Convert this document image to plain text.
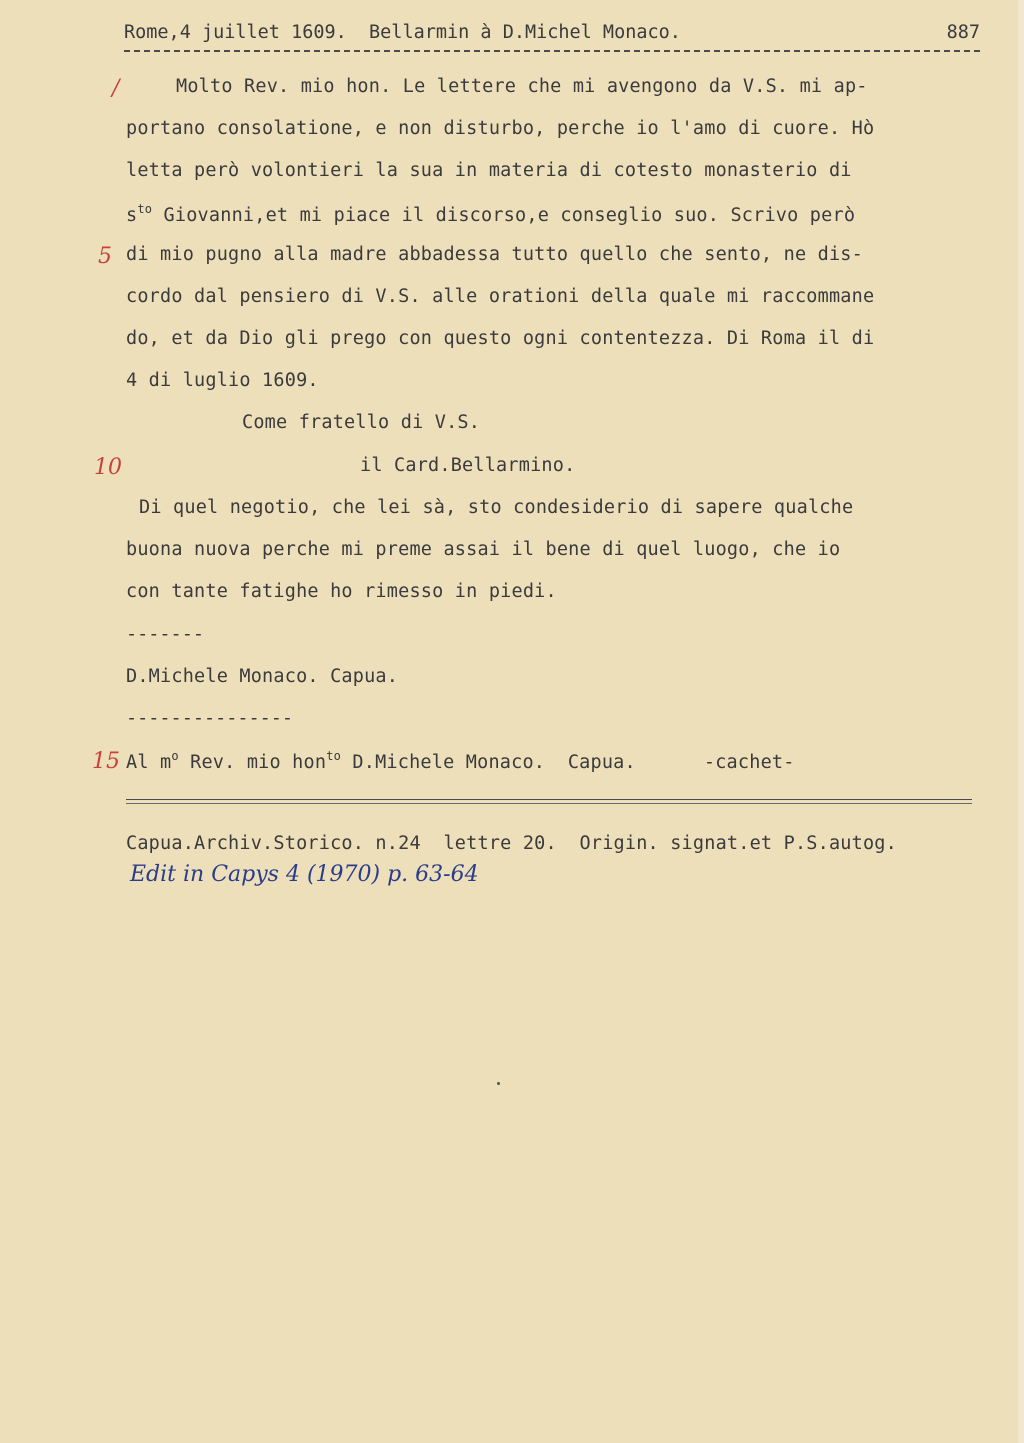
Rome,4 juillet 1609.  Bellarmin à D.Michel Monaco.	887
/
5
10
15
Molto Rev. mio hon. Le lettere che mi avengono da V.S. mi ap-
portano consolatione, e non disturbo, perche io l'amo di cuore. Hò
letta però volontieri la sua in materia di cotesto monasterio di
$s^{to}$ Giovanni,et mi piace il discorso,e conseglio suo. Scrivo però
di mio pugno alla madre abbadessa tutto quello che sento, ne dis-
cordo dal pensiero di V.S. alle orationi della quale mi raccommane
do, et da Dio gli prego con questo ogni contentezza. Di Roma il di
4 di luglio 1609.
Come fratello di V.S.
il Card.Bellarmino.
Di quel negotio, che lei sà, sto condesiderio di sapere qualche
buona nuova perche mi preme assai il bene di quel luogo, che io
con tante fatighe ho rimesso in piedi.
-------
D.Michele Monaco. Capua.
---------------
Al $m^o$ Rev. mio hon$^{to}$ D.Michele Monaco.  Capua.      -cachet-
Capua.Archiv.Storico. n.24  lettre 20.  Origin. signat.et P.S.autog.
Edit in Capys 4 (1970) p. 63-64
